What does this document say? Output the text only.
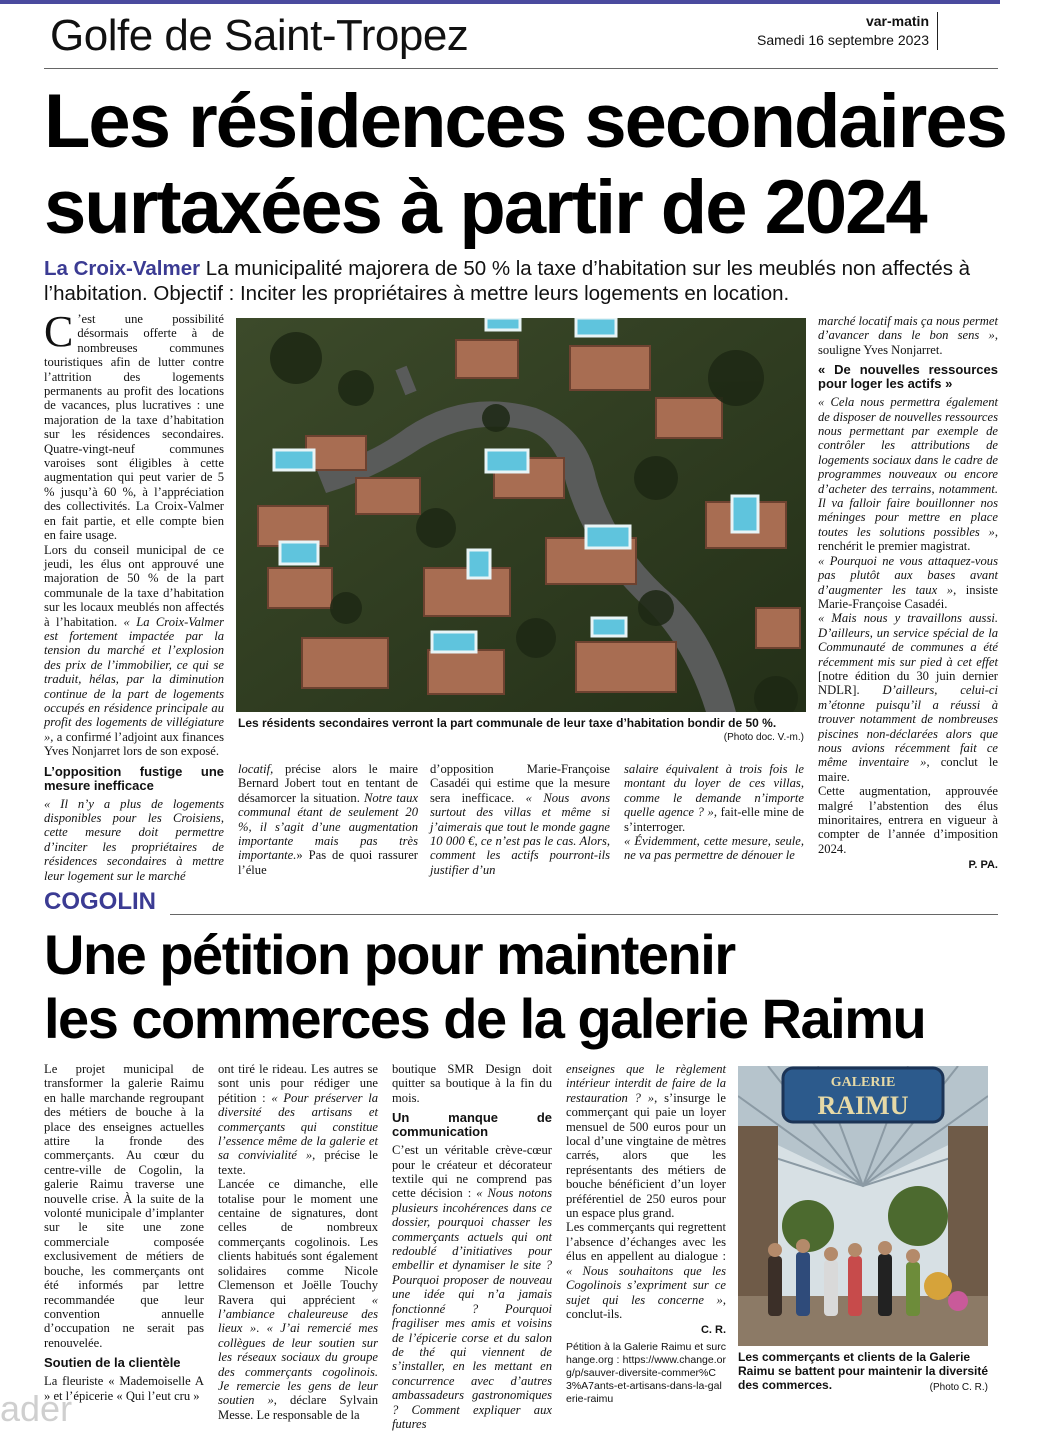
Golfe de Saint-Tropez	var-matin
Samedi 16 septembre 2023
Les résidences secondaires
surtaxées à partir de 2024
La Croix-Valmer La municipalité majorera de 50 % la taxe d’habitation sur les meublés non affectés à l’habitation. Objectif : Inciter les propriétaires à mettre leurs logements en location.

C ’est une possibilité désormais offerte à de nombreuses communes touristiques afin de lutter contre l’attrition des logements permanents au profit des locations de vacances, plus lucratives : une majoration de la taxe d’habitation sur les résidences secondaires. Quatre-vingt-neuf communes varoises sont éligibles à cette augmentation qui peut varier de 5 % jusqu’à 60 %, à l’appréciation des collectivités. La Croix-Valmer en fait partie, et elle compte bien en faire usage.

Lors du conseil municipal de ce jeudi, les élus ont approuvé une majoration de 50 % de la part communale de la taxe d’habitation sur les locaux meublés non affectés à l’habitation. « La Croix-Valmer est fortement impactée par la tension du marché et l’explosion des prix de l’immobilier, ce qui se traduit, hélas, par la diminution continue de la part de logements occupés en résidence principale au profit des logements de villégiature », a confirmé l’adjoint aux finances Yves Nonjarret lors de son exposé.

L’opposition fustige une mesure inefficace

« Il n’y a plus de logements disponibles pour les Croisiens, cette mesure doit permettre d’inciter les propriétaires de résidences secondaires à mettre leur logement sur le marché

Les résidents secondaires verront la part communale de leur taxe d’habitation bondir de 50 %.
(Photo doc. V.-m.)

locatif, précise alors le maire Bernard Jobert tout en tentant de désamorcer la situation. Notre taux communal étant de seulement 20 %, il s’agit d’une augmentation importante mais pas très importante.» Pas de quoi rassurer l’élue

d’opposition Marie-Françoise Casadéi qui estime que la mesure sera inefficace. « Nous avons surtout des villas et même si j’aimerais que tout le monde gagne 10 000 €, ce n’est pas le cas. Alors, comment les actifs pourront-ils justifier d’un

salaire équivalent à trois fois le montant du loyer de ces villas, comme le demande n’importe quelle agence ? », fait-elle mine de s’interroger.

« Évidemment, cette mesure, seule, ne va pas permettre de dénouer le

marché locatif mais ça nous permet d’avancer dans le bon sens », souligne Yves Nonjarret.

« De nouvelles ressources pour loger les actifs »

« Cela nous permettra également de disposer de nouvelles ressources nous permettant par exemple de contrôler les attributions de logements sociaux dans le cadre de programmes nouveaux ou encore d’acheter des terrains, notamment. Il va falloir faire bouillonner nos méninges pour mettre en place toutes les solutions possibles », renchérit le premier magistrat.

« Pourquoi ne vous attaquez-vous pas plutôt aux bases avant d’augmenter les taux », insiste Marie-Françoise Casadéi.

« Mais nous y travaillons aussi. D’ailleurs, un service spécial de la Communauté de communes a été récemment mis sur pied à cet effet [notre édition du 30 juin dernier NDLR]. D’ailleurs, celui-ci m’étonne puisqu’il a réussi à trouver notamment de nombreuses piscines non-déclarées alors que nous avions récemment fait ce même inventaire », conclut le maire.

Cette augmentation, approuvée malgré l’abstention des élus minoritaires, entrera en vigueur à compter de l’année d’imposition 2024.

P. PA.
COGOLIN
Une pétition pour maintenir
les commerces de la galerie Raimu

Le projet municipal de transformer la galerie Raimu en halle marchande regroupant des métiers de bouche à la place des enseignes actuelles attire la fronde des commerçants. Au cœur du centre-ville de Cogolin, la galerie Raimu traverse une nouvelle crise. À la suite de la volonté municipale d’implanter sur le site une zone commerciale composée exclusivement de métiers de bouche, les commerçants ont été informés par lettre recommandée que leur convention annuelle d’occupation ne serait pas renouvelée.

Soutien de la clientèle

La fleuriste « Mademoiselle A » et l’épicerie « Qui l’eut cru »

ont tiré le rideau. Les autres se sont unis pour rédiger une pétition : « Pour préserver la diversité des artisans et commerçants qui constitue l’essence même de la galerie et sa convivialité », précise le texte.

Lancée ce dimanche, elle totalise pour le moment une centaine de signatures, dont celles de nombreux commerçants cogolinois. Les clients habitués sont également solidaires comme Nicole Clemenson et Joëlle Touchy Ravera qui apprécient « l’ambiance chaleureuse des lieux ». « J’ai remercié mes collègues de leur soutien sur les réseaux sociaux du groupe des commerçants cogolinois. Je remercie les gens de leur soutien », déclare Sylvain Messe. Le responsable de la

boutique SMR Design doit quitter sa boutique à la fin du mois.

Un manque de communication

C’est un véritable crève-cœur pour le créateur et décorateur textile qui ne comprend pas cette décision : « Nous notons plusieurs incohérences dans ce dossier, pourquoi chasser les commerçants actuels qui ont redoublé d’initiatives pour embellir et dynamiser le site ? Pourquoi proposer de nouveau une idée qui n’a jamais fonctionné ? Pourquoi fragiliser mes amis et voisins de l’épicerie corse et du salon de thé qui viennent de s’installer, en les mettant en concurrence avec d’autres ambassadeurs gastronomiques ? Comment expliquer aux futures

enseignes que le règlement intérieur interdit de faire de la restauration ? », s’insurge le commerçant qui paie un loyer mensuel de 500 euros pour un local d’une vingtaine de mètres carrés, alors que les représentants des métiers de bouche bénéficient d’un loyer préférentiel de 250 euros pour un espace plus grand.

Les commerçants qui regrettent l’absence d’échanges avec les élus en appellent au dialogue : « Nous souhaitons que les Cogolinois s’expriment sur ce sujet qui les concerne », conclut-ils.

C. R.
Pétition à la Galerie Raimu et surchange.org : https://www.change.org/p/sauver-diversite-commer%C3%A7ants-et-artisans-dans-la-galerie-raimu
GALERIE
RAIMU
Les commerçants et clients de la Galerie Raimu se battent pour maintenir la diversité des commerces.	(Photo C. R.)
ader
